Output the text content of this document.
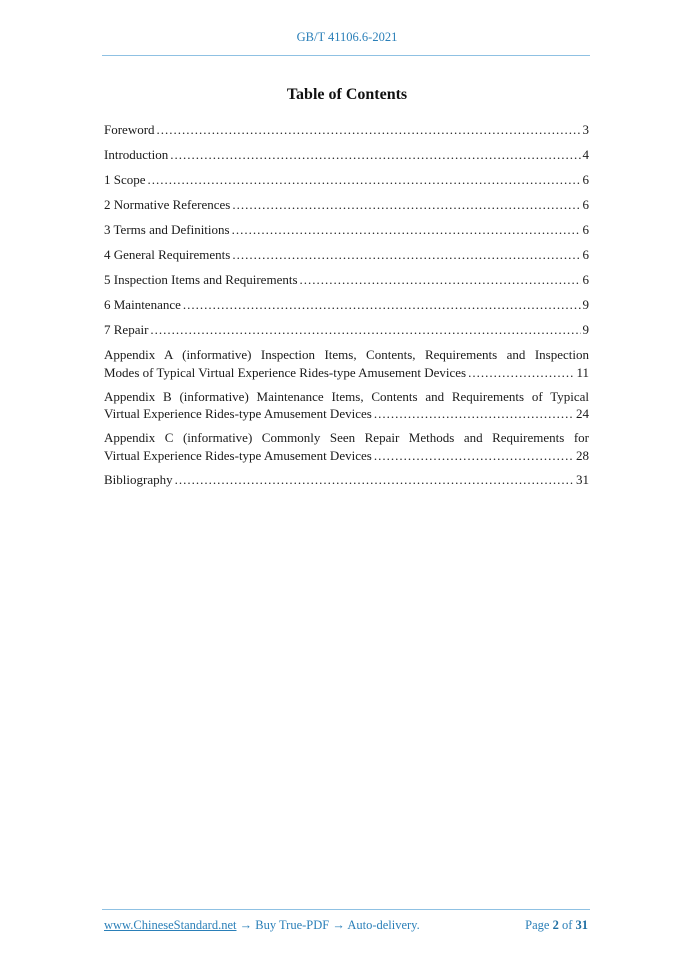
GB/T 41106.6-2021
Table of Contents
Foreword .....	3
Introduction .....	4
1 Scope .....	6
2 Normative References .....	6
3 Terms and Definitions .....	6
4 General Requirements .....	6
5 Inspection Items and Requirements .....	6
6 Maintenance .....	9
7 Repair .....	9
Appendix A (informative) Inspection Items, Contents, Requirements and Inspection
Modes of Typical Virtual Experience Rides-type Amusement Devices .....	11
Appendix B (informative) Maintenance Items, Contents and Requirements of Typical
Virtual Experience Rides-type Amusement Devices .....	24
Appendix C (informative) Commonly Seen Repair Methods and Requirements for
Virtual Experience Rides-type Amusement Devices .....	28
Bibliography .....	31
www.ChineseStandard.net → Buy True-PDF → Auto-delivery.	Page 2 of 31
